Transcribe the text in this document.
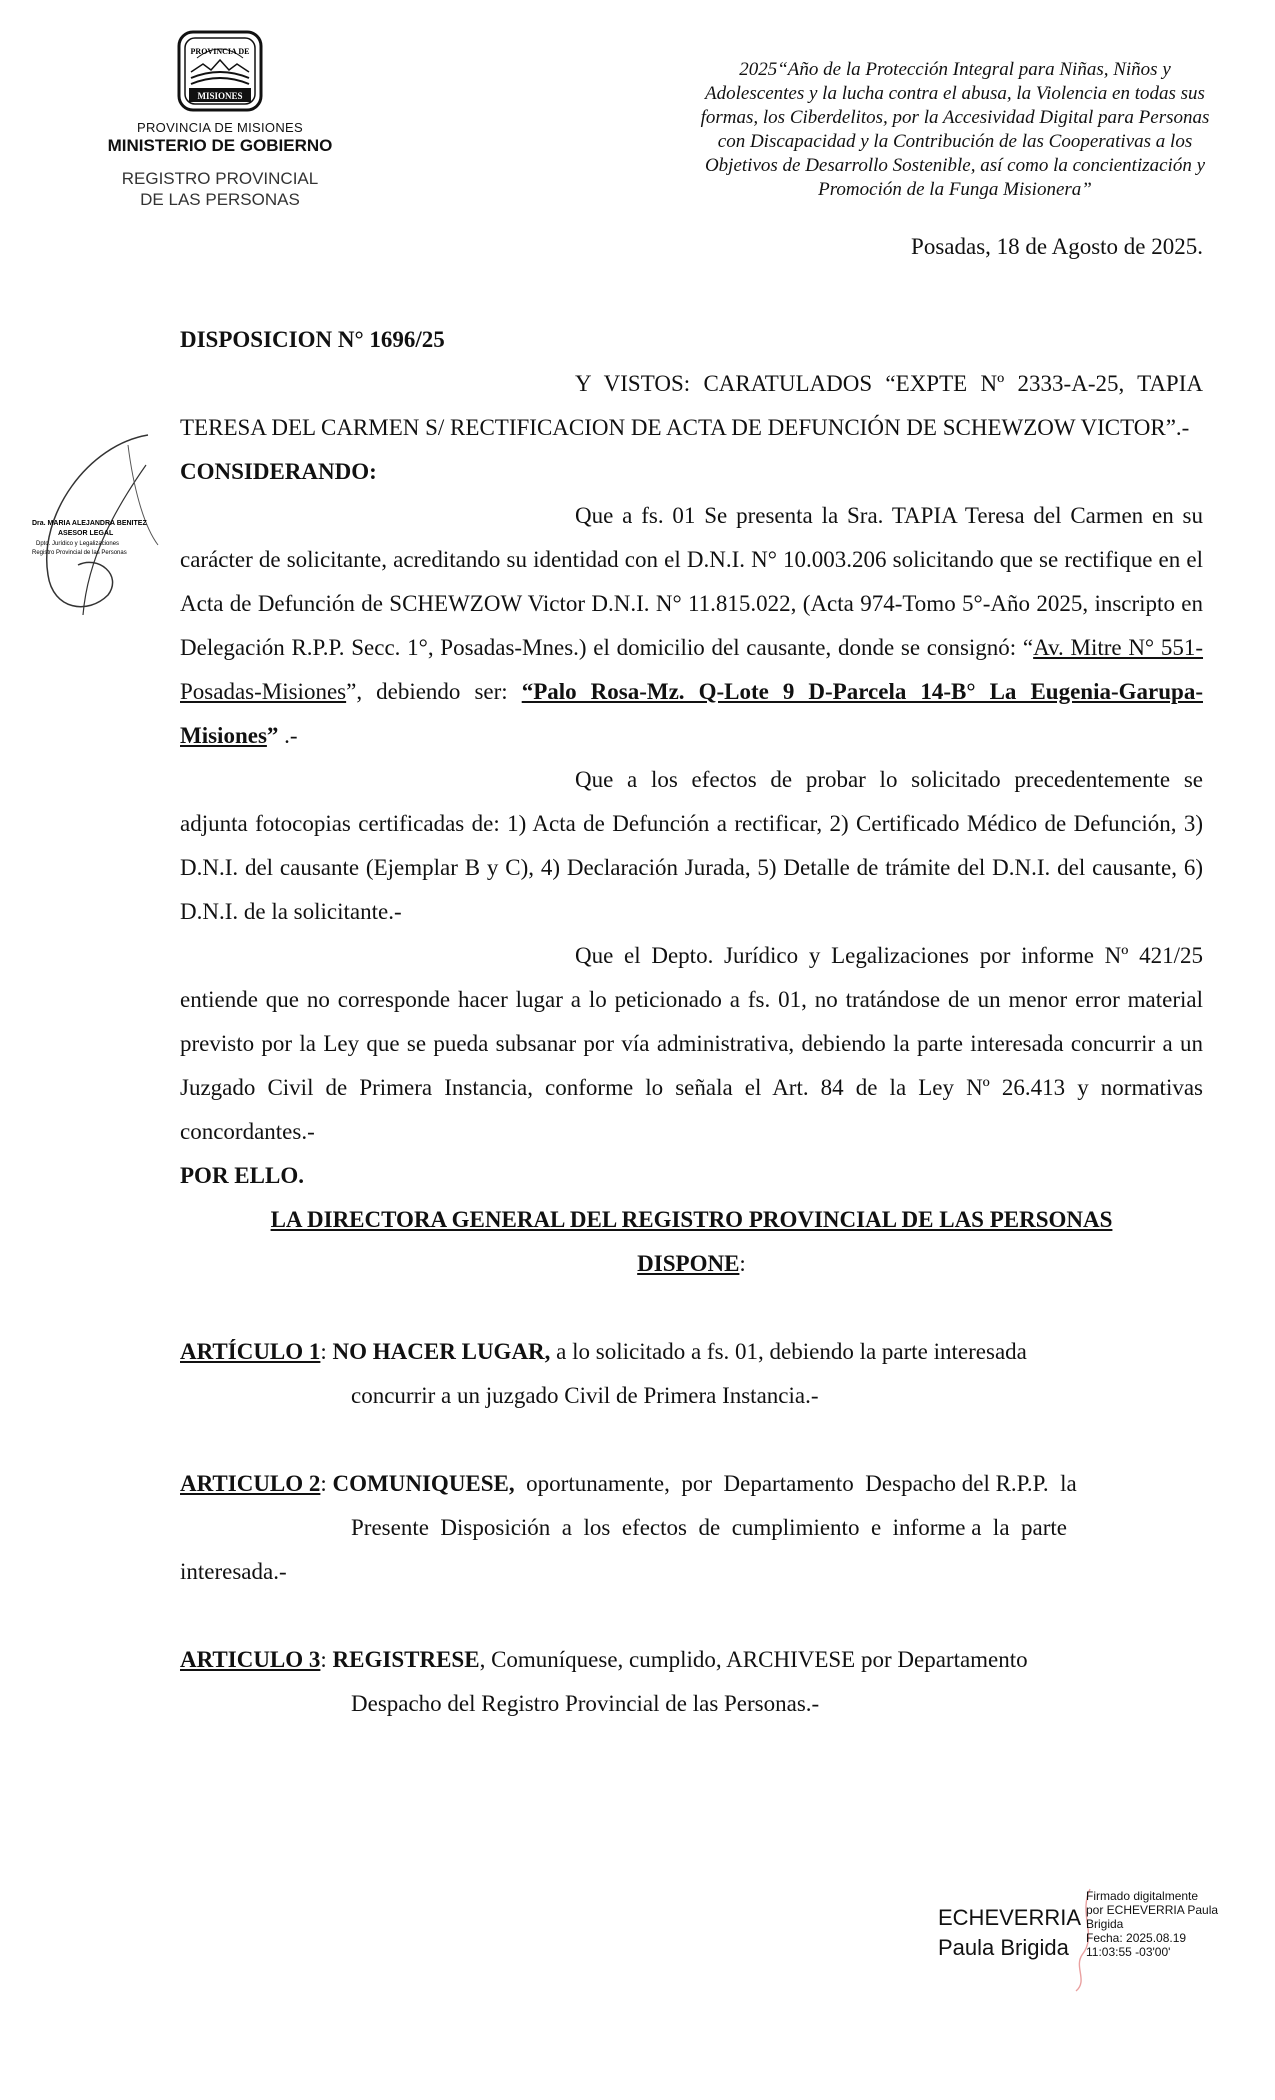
PROVINCIA DE
MISIONES
PROVINCIA DE MISIONES
MINISTERIO DE GOBIERNO
REGISTRO PROVINCIAL
DE LAS PERSONAS
2025“Año de la Protección Integral para Niñas, Niños y Adolescentes y la lucha contra el abusa, la Violencia en todas sus formas, los Ciberdelitos, por la Accesividad Digital para Personas con Discapacidad y la Contribución de las Cooperativas a los Objetivos de Desarrollo Sostenible, así como la concientización y Promoción de la Funga Misionera”
Posadas, 18 de Agosto de 2025.
Dra. MARIA ALEJANDRA BENITEZ
ASESOR LEGAL
Dpto. Jurídico y Legalizaciones
Registro Provincial de las Personas

DISPOSICION N° 1696/25

Y VISTOS: CARATULADOS “EXPTE Nº 2333-A-25, TAPIA TERESA DEL CARMEN S/ RECTIFICACION DE ACTA DE DEFUNCIÓN DE SCHEWZOW VICTOR”.-

CONSIDERANDO:

Que a fs. 01 Se presenta la Sra. TAPIA Teresa del Carmen en su carácter de solicitante, acreditando su identidad con el D.N.I. N° 10.003.206 solicitando que se rectifique en el Acta de Defunción de SCHEWZOW Victor D.N.I. N° 11.815.022, (Acta 974-Tomo 5°-Año 2025, inscripto en Delegación R.P.P. Secc. 1°, Posadas-Mnes.) el domicilio del causante, donde se consignó: “Av. Mitre N° 551-Posadas-Misiones”, debiendo ser: “Palo Rosa-Mz. Q-Lote 9 D-Parcela 14-B° La Eugenia-Garupa-Misiones” .-

Que a los efectos de probar lo solicitado precedentemente se adjunta fotocopias certificadas de: 1) Acta de Defunción a rectificar, 2) Certificado Médico de Defunción, 3) D.N.I. del causante (Ejemplar B y C), 4) Declaración Jurada, 5) Detalle de trámite del D.N.I. del causante, 6) D.N.I. de la solicitante.-

Que el Depto. Jurídico y Legalizaciones por informe Nº 421/25 entiende que no corresponde hacer lugar a lo peticionado a fs. 01, no tratándose de un menor error material previsto por la Ley que se pueda subsanar por vía administrativa, debiendo la parte interesada concurrir a un Juzgado Civil de Primera Instancia, conforme lo señala el Art. 84 de la Ley Nº 26.413 y normativas concordantes.-

POR ELLO.

LA DIRECTORA GENERAL DEL REGISTRO PROVINCIAL DE LAS PERSONAS

DISPONE:

ARTÍCULO 1: NO HACER LUGAR, a lo solicitado a fs. 01, debiendo la parte interesada
concurrir a un juzgado Civil de Primera Instancia.-
ARTICULO 2: COMUNIQUESE,  oportunamente,  por  Departamento  Despacho del R.P.P.  la
Presente  Disposición  a  los  efectos  de  cumplimiento  e  informe a  la  parte
interesada.-
ARTICULO 3: REGISTRESE, Comuníquese, cumplido, ARCHIVESE por Departamento
Despacho del Registro Provincial de las Personas.-
ECHEVERRIA
Paula Brigida
Firmado digitalmente
por ECHEVERRIA Paula
Brigida
Fecha: 2025.08.19
11:03:55 -03'00'
